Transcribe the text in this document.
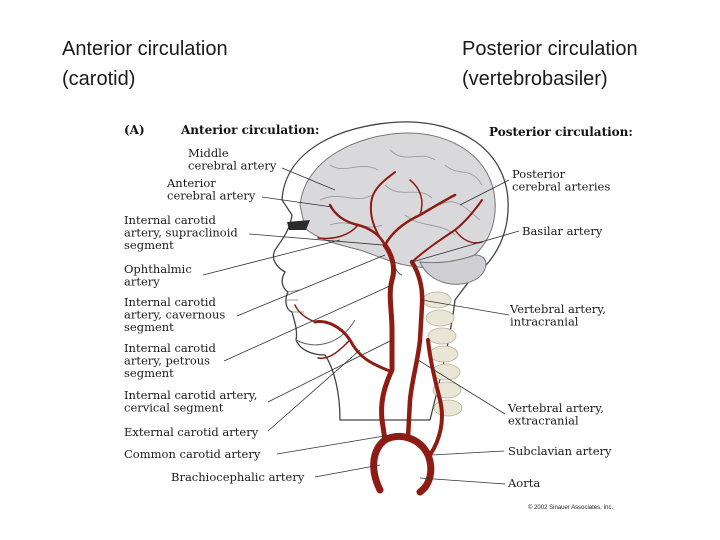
Anterior circulation
(carotid)
Posterior circulation
(vertebrobasiler)
(A)	Anterior circulation:	Posterior circulation:
Middle cerebral artery
Anterior cerebral artery
Internal carotid artery, supraclinoid segment
Ophthalmic artery
Internal carotid artery, cavernous segment
Internal carotid artery, petrous segment
Internal carotid artery, cervical segment
External carotid artery
Common carotid artery
Brachiocephalic artery
Posterior cerebral arteries
Basilar artery
Vertebral artery, intracranial
Vertebral artery, extracranial
Subclavian artery
Aorta
© 2002 Sinauer Associates, Inc.
